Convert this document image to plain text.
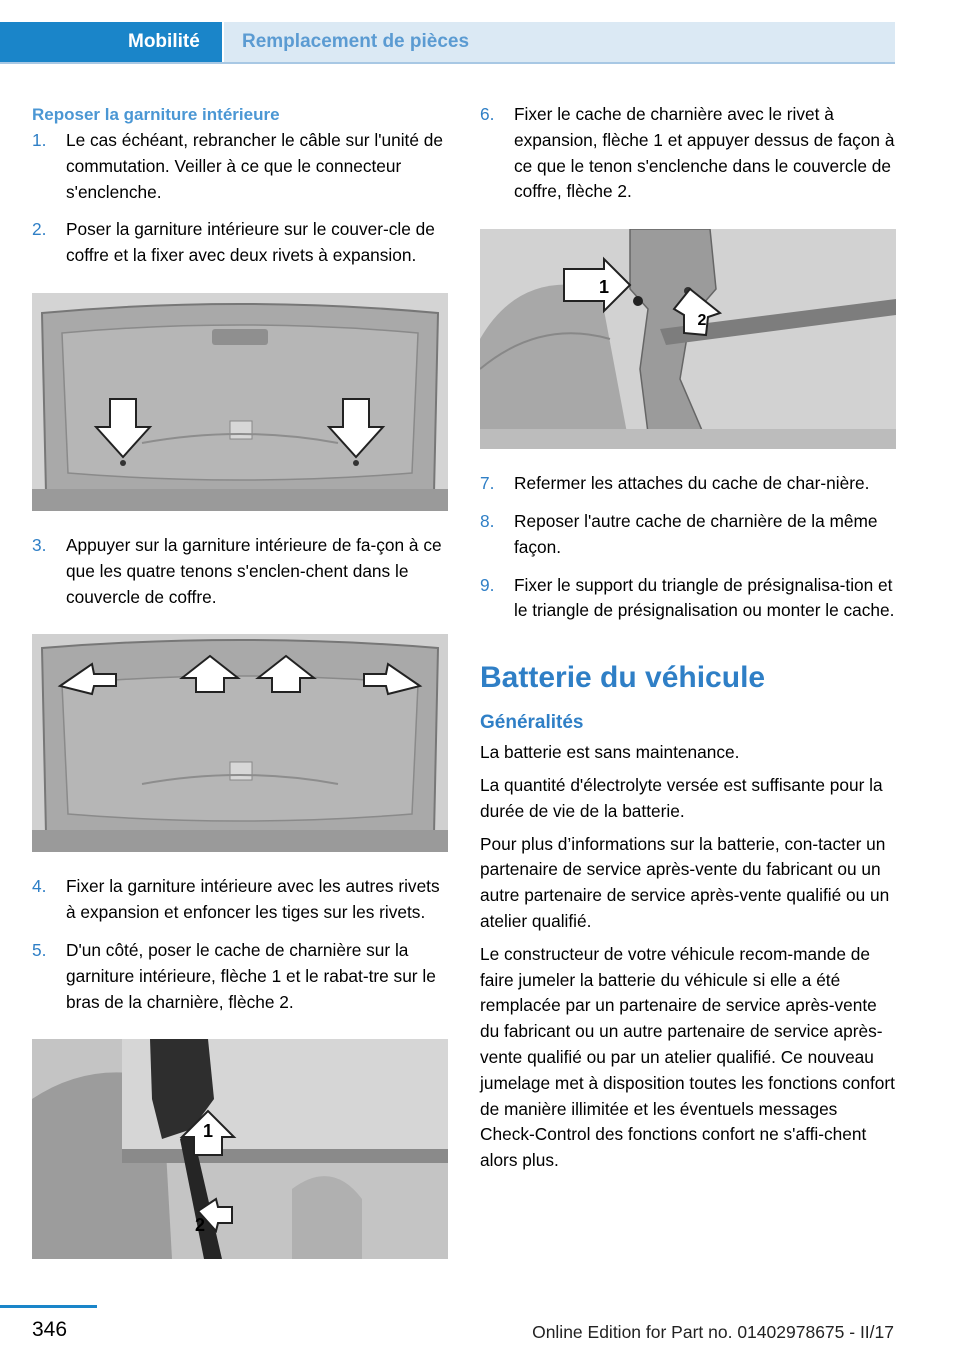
Mobilité Remplacement de pièces
Reposer la garniture intérieure
1.	Le cas échéant, rebrancher le câble sur l'unité de commutation. Veiller à ce que le connecteur s'enclenche.
2.	Poser la garniture intérieure sur le couver‐cle de coffre et la fixer avec deux rivets à expansion.
3.	Appuyer sur la garniture intérieure de fa‐çon à ce que les quatre tenons s'enclen‐chent dans le couvercle de coffre.
4.	Fixer la garniture intérieure avec les autres rivets à expansion et enfoncer les tiges sur les rivets.
5.	D'un côté, poser le cache de charnière sur la garniture intérieure, flèche 1 et le rabat‐tre sur le bras de la charnière, flèche 2.
1
2
6.	Fixer le cache de charnière avec le rivet à expansion, flèche 1 et appuyer dessus de façon à ce que le tenon s'enclenche dans le couvercle de coffre, flèche 2.
1
2
7.	Refermer les attaches du cache de char‐nière.
8.	Reposer l'autre cache de charnière de la même façon.
9.	Fixer le support du triangle de présignalisa‐tion et le triangle de présignalisation ou monter le cache.
Batterie du véhicule
Généralités
La batterie est sans maintenance.
La quantité d'électrolyte versée est suffisante pour la durée de vie de la batterie.
Pour plus d’informations sur la batterie, con‐tacter un partenaire de service après-vente du fabricant ou un autre partenaire de service après-vente qualifié ou un atelier qualifié.
Le constructeur de votre véhicule recom‐mande de faire jumeler la batterie du véhicule si elle a été remplacée par un partenaire de service après-vente du fabricant ou un autre partenaire de service après-vente qualifié ou par un atelier qualifié. Ce nouveau jumelage met à disposition toutes les fonctions confort de manière illimitée et les éventuels messages Check-Control des fonctions confort ne s'affi‐chent alors plus.
346	Online Edition for Part no. 01402978675 - II/17
